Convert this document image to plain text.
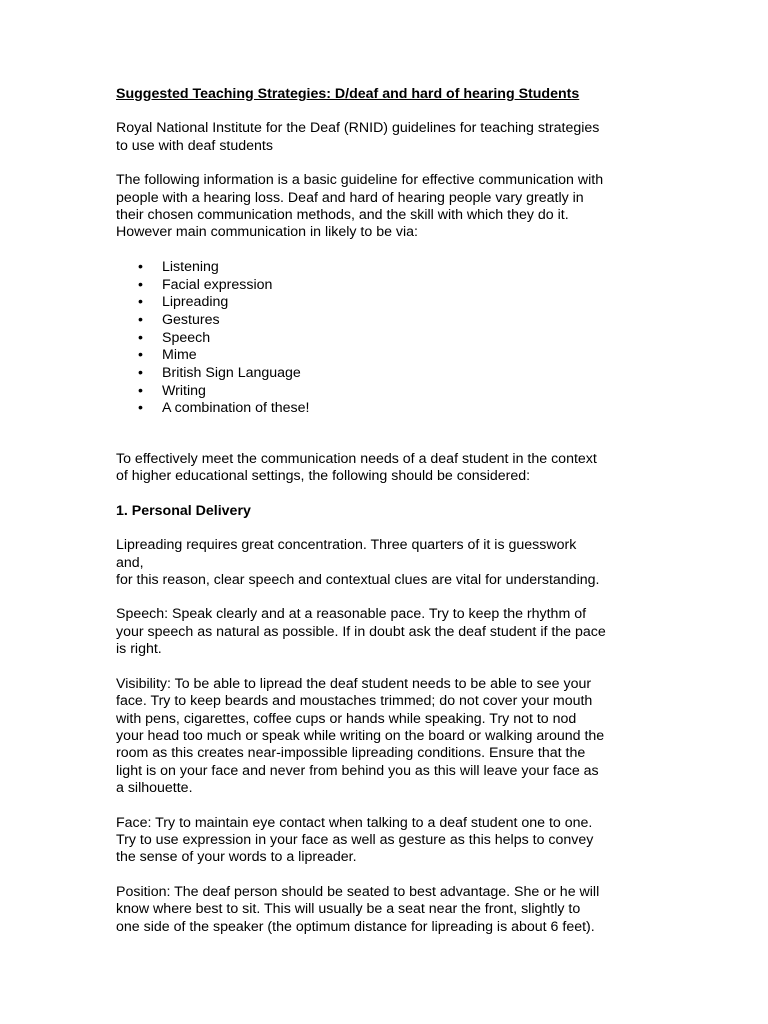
Suggested Teaching Strategies: D/deaf and hard of hearing Students

Royal National Institute for the Deaf (RNID) guidelines for teaching strategies
to use with deaf students

The following information is a basic guideline for effective communication with
people with a hearing loss. Deaf and hard of hearing people vary greatly in
their chosen communication methods, and the skill with which they do it.
However main communication in likely to be via:

• Listening
• Facial expression
• Lipreading
• Gestures
• Speech
• Mime
• British Sign Language
• Writing
• A combination of these!

To effectively meet the communication needs of a deaf student in the context
of higher educational settings, the following should be considered:

1. Personal Delivery

Lipreading requires great concentration. Three quarters of it is guesswork
and,
for this reason, clear speech and contextual clues are vital for understanding.

Speech: Speak clearly and at a reasonable pace. Try to keep the rhythm of
your speech as natural as possible. If in doubt ask the deaf student if the pace
is right.

Visibility: To be able to lipread the deaf student needs to be able to see your
face. Try to keep beards and moustaches trimmed; do not cover your mouth
with pens, cigarettes, coffee cups or hands while speaking. Try not to nod
your head too much or speak while writing on the board or walking around the
room as this creates near-impossible lipreading conditions. Ensure that the
light is on your face and never from behind you as this will leave your face as
a silhouette.

Face: Try to maintain eye contact when talking to a deaf student one to one.
Try to use expression in your face as well as gesture as this helps to convey
the sense of your words to a lipreader.

Position: The deaf person should be seated to best advantage. She or he will
know where best to sit. This will usually be a seat near the front, slightly to
one side of the speaker (the optimum distance for lipreading is about 6 feet).
